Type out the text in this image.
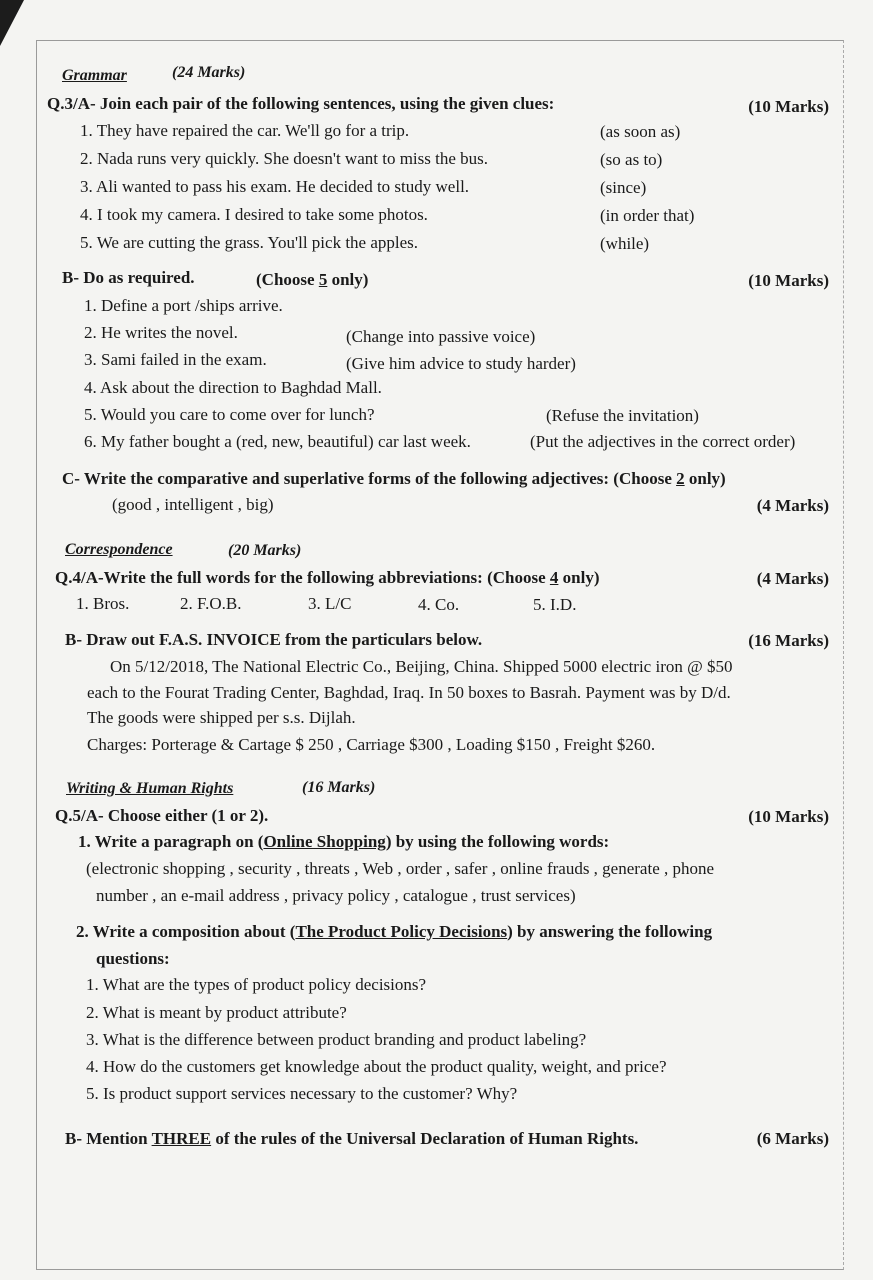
Grammar	(24 Marks)
Q.3/A- Join each pair of the following sentences, using the given clues:	(10 Marks)
1. They have repaired the car. We'll go for a trip.	(as soon as)
2. Nada runs very quickly. She doesn't want to miss the bus.	(so as to)
3. Ali wanted to pass his exam. He decided to study well.	(since)
4. I took my camera. I desired to take some photos.	(in order that)
5. We are cutting the grass. You'll pick the apples.	(while)
B- Do as required.	(Choose 5 only)	(10 Marks)
1. Define a port /ships arrive.
2. He writes the novel.	(Change into passive voice)
3. Sami failed in the exam.	(Give him advice to study harder)
4. Ask about the direction to Baghdad Mall.
5. Would you care to come over for lunch?	(Refuse the invitation)
6. My father bought a (red, new, beautiful) car last week.	(Put the adjectives in the correct order)
C- Write the comparative and superlative forms of the following adjectives: (Choose 2 only)
(good , intelligent , big)	(4 Marks)
Correspondence	(20 Marks)
Q.4/A-Write the full words for the following abbreviations: (Choose 4 only)	(4 Marks)
1. Bros.	2. F.O.B.	3. L/C	4. Co.	5. I.D.
B- Draw out F.A.S. INVOICE from the particulars below.	(16 Marks)
On 5/12/2018, The National Electric Co., Beijing, China. Shipped 5000 electric iron @ $50
each to the Fourat Trading Center, Baghdad, Iraq. In 50 boxes to Basrah. Payment was by D/d.
The goods were shipped per s.s. Dijlah.
Charges: Porterage & Cartage $ 250 , Carriage $300 , Loading $150 , Freight $260.
Writing & Human Rights	(16 Marks)
Q.5/A- Choose either (1 or 2).	(10 Marks)
1. Write a paragraph on (Online Shopping) by using the following words:
(electronic shopping , security , threats , Web , order , safer , online frauds , generate , phone
number , an e-mail address , privacy policy , catalogue , trust services)
2. Write a composition about (The Product Policy Decisions) by answering the following
questions:
1. What are the types of product policy decisions?
2. What is meant by product attribute?
3. What is the difference between product branding and product labeling?
4. How do the customers get knowledge about the product quality, weight, and price?
5. Is product support services necessary to the customer? Why?
B- Mention THREE of the rules of the Universal Declaration of Human Rights.	(6 Marks)
